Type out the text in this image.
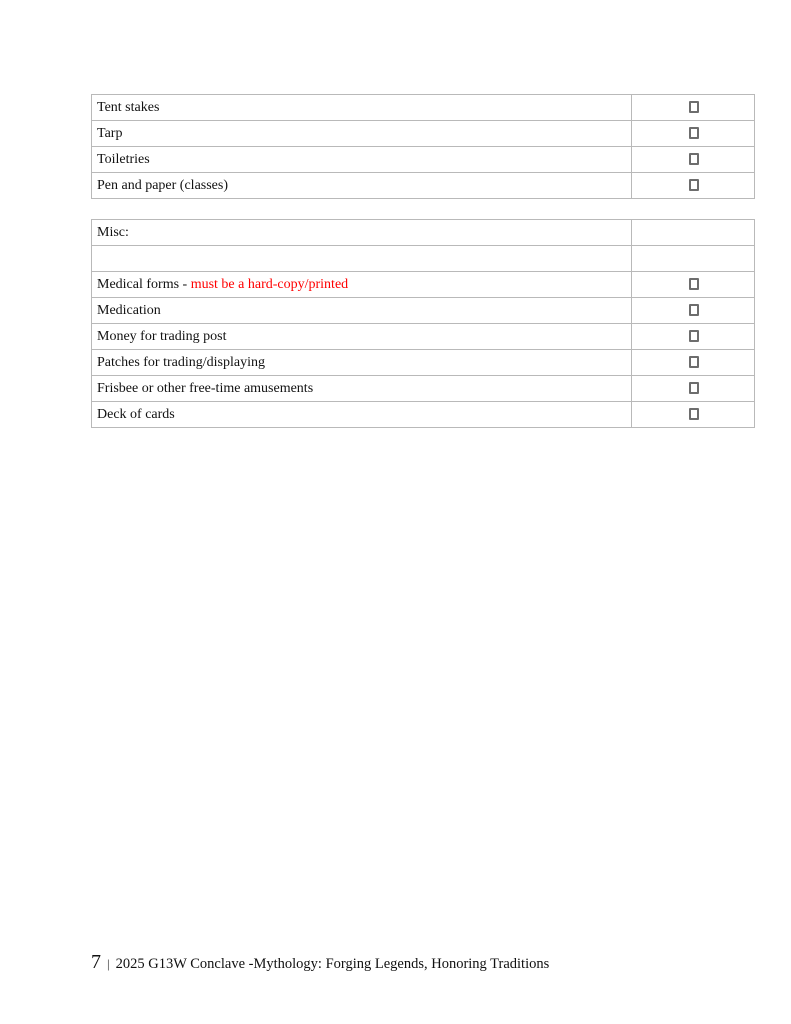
Tent stakes	
Tarp	
Toiletries	
Pen and paper (classes)	
Misc:	

Medical forms - must be a hard-copy/printed	
Medication	
Money for trading post	
Patches for trading/displaying	
Frisbee or other free-time amusements	
Deck of cards	
7 | 2025 G13W Conclave -Mythology: Forging Legends, Honoring Traditions
